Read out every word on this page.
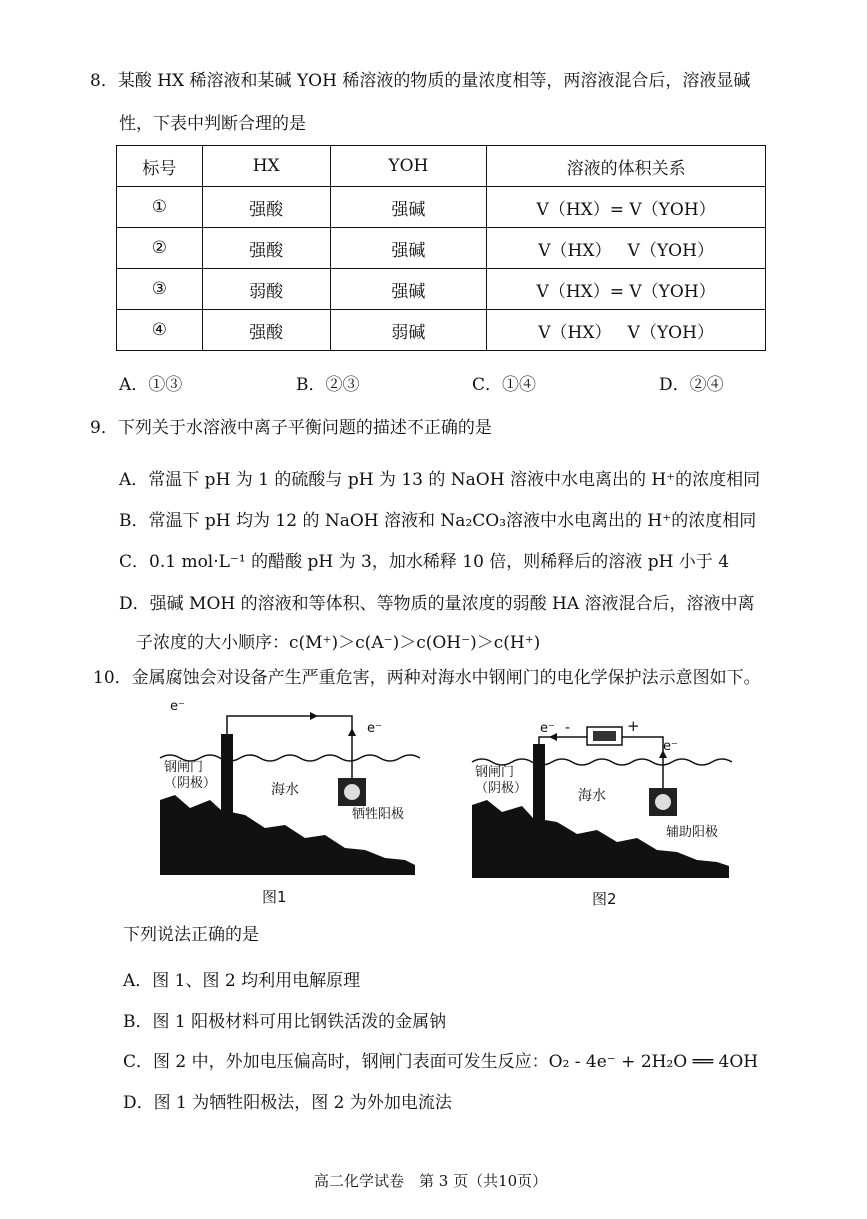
8．某酸 HX 稀溶液和某碱 YOH 稀溶液的物质的量浓度相等，两溶液混合后，溶液显碱
性，下表中判断合理的是
标号	HX	YOH	溶液的体积关系
①	强酸	强碱	V（HX）= V（YOH）
②	强酸	强碱	V（HX）   V（YOH）
③	弱酸	强碱	V（HX）= V（YOH）
④	强酸	弱碱	V（HX）   V（YOH）
A．①③	B．②③	C．①④	D．②④
9．下列关于水溶液中离子平衡问题的描述不正确的是
A．常温下 pH 为 1 的硫酸与 pH 为 13 的 NaOH 溶液中水电离出的 H⁺的浓度相同
B．常温下 pH 均为 12 的 NaOH 溶液和 Na₂CO₃溶液中水电离出的 H⁺的浓度相同
C．0.1 mol·L⁻¹ 的醋酸 pH 为 3，加水稀释 10 倍，则稀释后的溶液 pH 小于 4
D．强碱 MOH 的溶液和等体积、等物质的量浓度的弱酸 HA 溶液混合后，溶液中离
子浓度的大小顺序：c(M⁺)＞c(A⁻)＞c(OH⁻)＞c(H⁺)
10．金属腐蚀会对设备产生严重危害，两种对海水中钢闸门的电化学保护法示意图如下。
e⁻
e⁻
钢闸门
（阴极）	海水
牺牲阳极
图1
e⁻ -	+
e⁻
钢闸门
（阴极）	海水
辅助阳极
图2
下列说法正确的是
A．图 1、图 2 均利用电解原理
B．图 1 阳极材料可用比钢铁活泼的金属钠
C．图 2 中，外加电压偏高时，钢闸门表面可发生反应：O₂ - 4e⁻ + 2H₂O ══ 4OH
D．图 1 为牺牲阳极法，图 2 为外加电流法
高二化学试卷　第 3 页（共10页）
